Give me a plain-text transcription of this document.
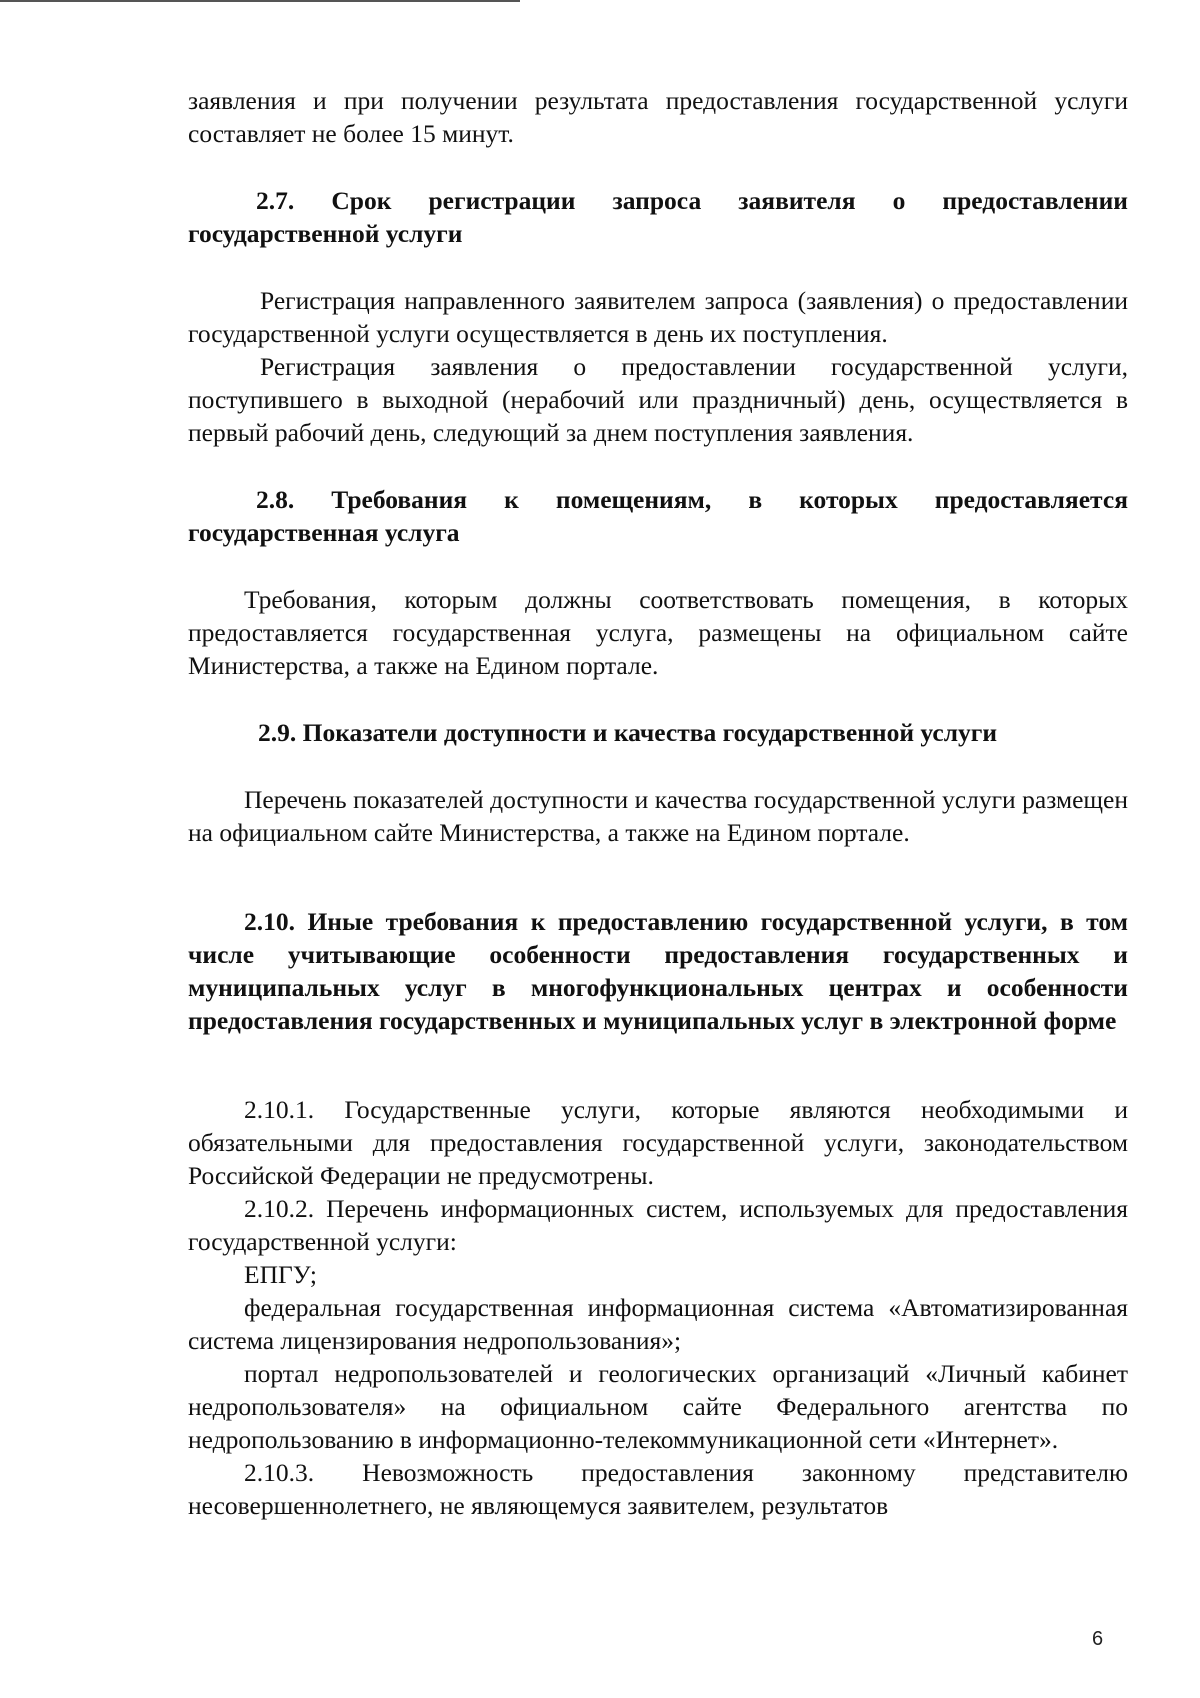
заявления и при получении результата предоставления государственной услуги составляет не более 15 минут.

2.7. Срок регистрации запроса заявителя о предоставлении государственной услуги

Регистрация направленного заявителем запроса (заявления) о предоставлении государственной услуги осуществляется в день их поступления.

Регистрация заявления о предоставлении государственной услуги, поступившего в выходной (нерабочий или праздничный) день, осуществляется в первый рабочий день, следующий за днем поступления заявления.

2.8. Требования к помещениям, в которых предоставляется государственная услуга

Требования, которым должны соответствовать помещения, в которых предоставляется государственная услуга, размещены на официальном сайте Министерства, а также на Едином портале.

2.9. Показатели доступности и качества государственной услуги

Перечень показателей доступности и качества государственной услуги размещен на официальном сайте Министерства, а также на Едином портале.

2.10. Иные требования к предоставлению государственной услуги, в том числе учитывающие особенности предоставления государственных и муниципальных услуг в многофункциональных центрах и особенности предоставления государственных и муниципальных услуг в электронной форме

2.10.1. Государственные услуги, которые являются необходимыми и обязательными для предоставления государственной услуги, законодательством Российской Федерации не предусмотрены.

2.10.2. Перечень информационных систем, используемых для предоставления государственной услуги:

ЕПГУ;

федеральная государственная информационная система «Автоматизированная система лицензирования недропользования»;

портал недропользователей и геологических организаций «Личный кабинет недропользователя» на официальном сайте Федерального агентства по недропользованию в информационно-телекоммуникационной сети «Интернет».

2.10.3. Невозможность предоставления законному представителю несовершеннолетнего, не являющемуся заявителем, результатов

6
